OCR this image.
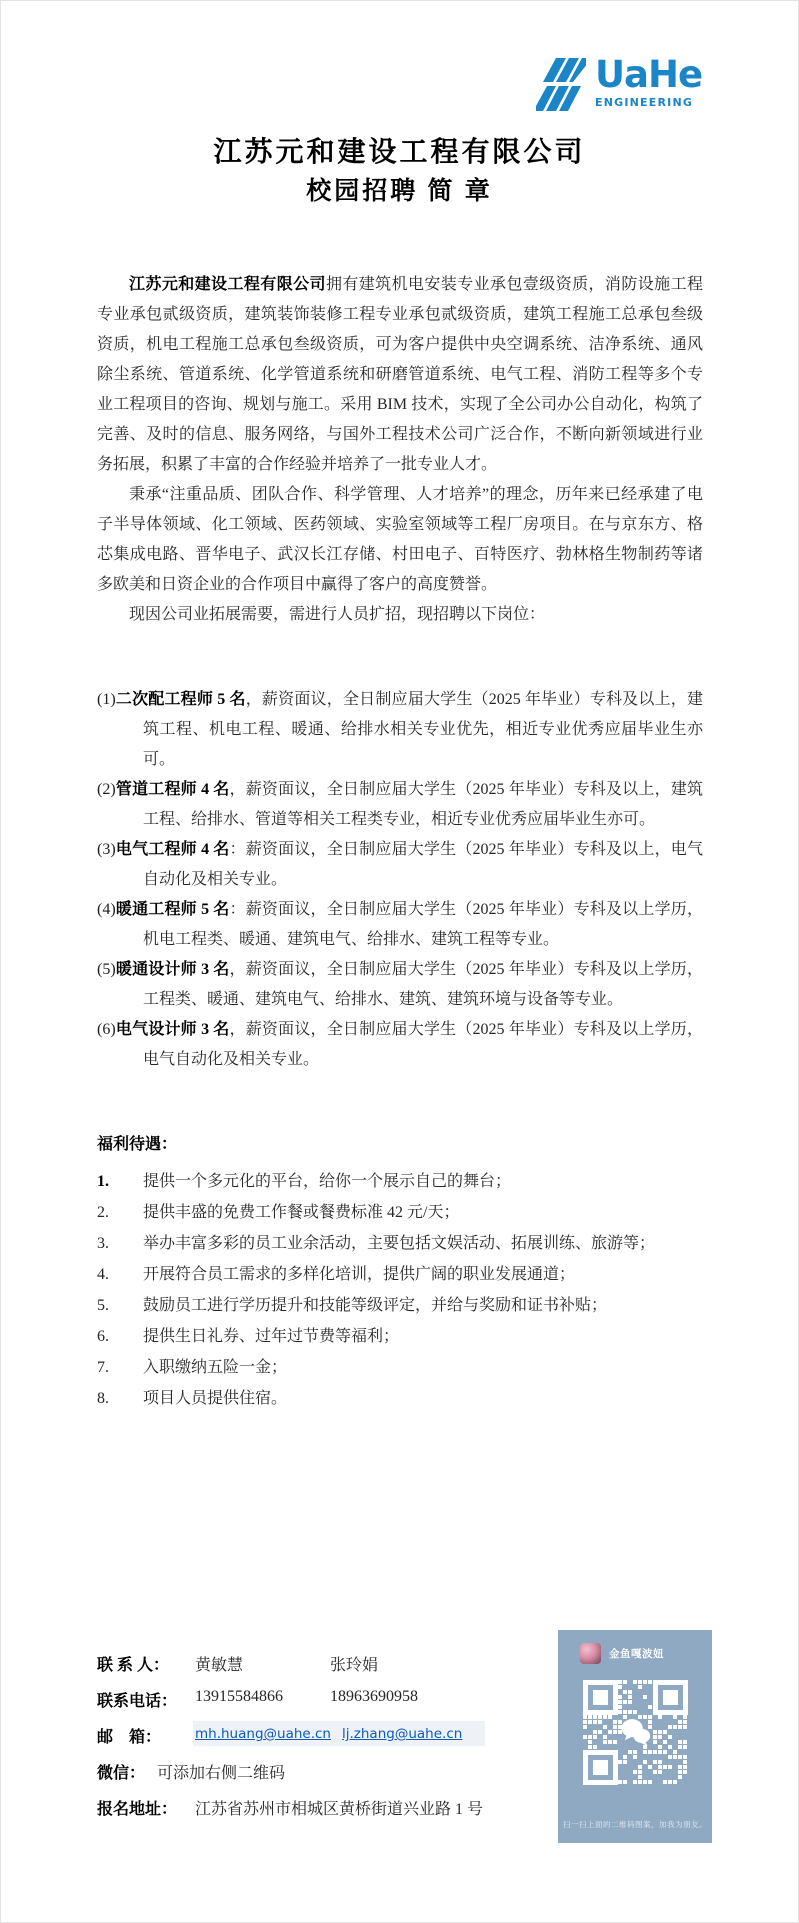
UaHe
ENGINEERING
江苏元和建设工程有限公司
校园招聘 简 章

江苏元和建设工程有限公司拥有建筑机电安装专业承包壹级资质，消防设施工程专业承包贰级资质，建筑装饰装修工程专业承包贰级资质，建筑工程施工总承包叁级资质，机电工程施工总承包叁级资质，可为客户提供中央空调系统、洁净系统、通风除尘系统、管道系统、化学管道系统和研磨管道系统、电气工程、消防工程等多个专业工程项目的咨询、规划与施工。采用 BIM 技术，实现了全公司办公自动化，构筑了完善、及时的信息、服务网络，与国外工程技术公司广泛合作，不断向新领域进行业务拓展，积累了丰富的合作经验并培养了一批专业人才。

秉承“注重品质、团队合作、科学管理、人才培养”的理念，历年来已经承建了电子半导体领域、化工领域、医药领域、实验室领域等工程厂房项目。在与京东方、格芯集成电路、晋华电子、武汉长江存储、村田电子、百特医疗、勃林格生物制药等诸多欧美和日资企业的合作项目中赢得了客户的高度赞誉。

现因公司业拓展需要，需进行人员扩招，现招聘以下岗位：

(1)二次配工程师 5 名，薪资面议，全日制应届大学生（2025 年毕业）专科及以上，建筑工程、机电工程、暖通、给排水相关专业优先，相近专业优秀应届毕业生亦可。
(2)管道工程师 4 名，薪资面议，全日制应届大学生（2025 年毕业）专科及以上，建筑工程、给排水、管道等相关工程类专业，相近专业优秀应届毕业生亦可。
(3)电气工程师 4 名：薪资面议，全日制应届大学生（2025 年毕业）专科及以上，电气自动化及相关专业。
(4)暖通工程师 5 名：薪资面议，全日制应届大学生（2025 年毕业）专科及以上学历，机电工程类、暖通、建筑电气、给排水、建筑工程等专业。
(5)暖通设计师 3 名，薪资面议，全日制应届大学生（2025 年毕业）专科及以上学历，工程类、暖通、建筑电气、给排水、建筑、建筑环境与设备等专业。
(6)电气设计师 3 名，薪资面议，全日制应届大学生（2025 年毕业）专科及以上学历，电气自动化及相关专业。
福利待遇：
1. 提供一个多元化的平台，给你一个展示自己的舞台；
2. 提供丰盛的免费工作餐或餐费标准 42 元/天；
3. 举办丰富多彩的员工业余活动，主要包括文娱活动、拓展训练、旅游等；
4. 开展符合员工需求的多样化培训，提供广阔的职业发展通道；
5. 鼓励员工进行学历提升和技能等级评定，并给与奖励和证书补贴；
6. 提供生日礼券、过年过节费等福利；
7. 入职缴纳五险一金；
8. 项目人员提供住宿。
联 系 人： 黄敏慧	张玲娟
联系电话： 13915584866	18963690958
邮　箱：	mh.huang@uahe.cn lj.zhang@uahe.cn
微信： 可添加右侧二维码
报名地址： 江苏省苏州市相城区黄桥街道兴业路 1 号
金鱼嘎波妞
扫一扫上面的二维码图案，加我为朋友。
